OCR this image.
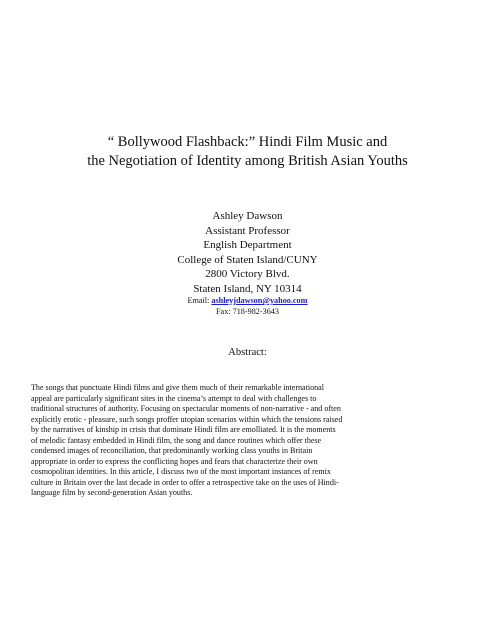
“ Bollywood Flashback:” Hindi Film Music and
the Negotiation of Identity among British Asian Youths
Ashley Dawson
Assistant Professor
English Department
College of Staten Island/CUNY
2800 Victory Blvd.
Staten Island, NY 10314
Email: ashleyjdawson@yahoo.com
Fax: 718-982-3643
Abstract:
The songs that punctuate Hindi films and give them much of their remarkable international
appeal are particularly significant sites in the cinema’s attempt to deal with challenges to
traditional structures of authority. Focusing on spectacular moments of non-narrative - and often
explicitly erotic - pleasure, such songs proffer utopian scenarios within which the tensions raised
by the narratives of kinship in crisis that dominate Hindi film are emolliated. It is the moments
of melodic fantasy embedded in Hindi film, the song and dance routines which offer these
condensed images of reconciliation, that predominantly working class youths in Britain
appropriate in order to express the conflicting hopes and fears that characterize their own
cosmopolitan identities. In this article, I discuss two of the most important instances of remix
culture in Britain over the last decade in order to offer a retrospective take on the uses of Hindi-
language film by second-generation Asian youths.
